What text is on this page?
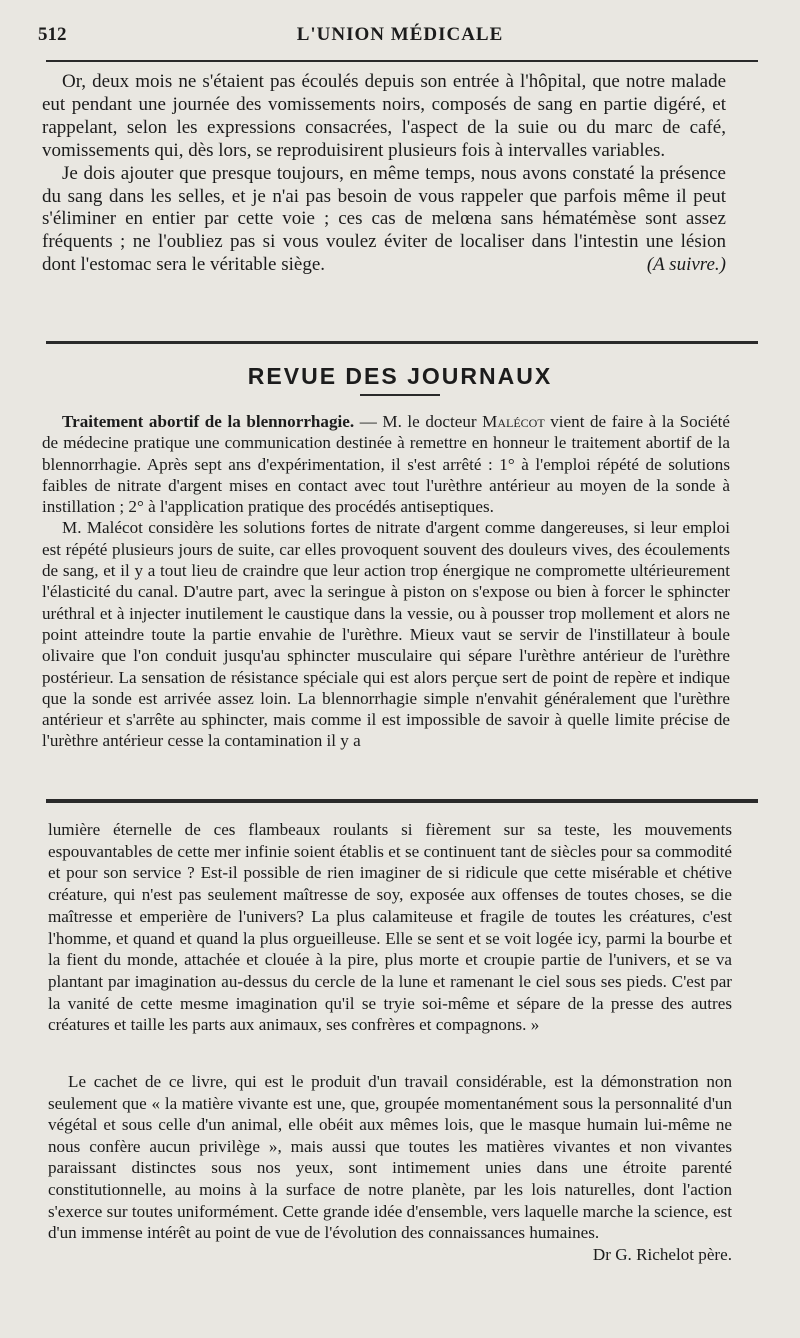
512	L'UNION MÉDICALE

Or, deux mois ne s'étaient pas écoulés depuis son entrée à l'hôpital, que notre malade eut pendant une journée des vomissements noirs, composés de sang en partie digéré, et rappelant, selon les expressions consacrées, l'aspect de la suie ou du marc de café, vomissements qui, dès lors, se reproduisirent plusieurs fois à intervalles variables.

Je dois ajouter que presque toujours, en même temps, nous avons constaté la présence du sang dans les selles, et je n'ai pas besoin de vous rappeler que parfois même il peut s'éliminer en entier par cette voie ; ces cas de melœna sans hématémèse sont assez fréquents ; ne l'oubliez pas si vous voulez éviter de localiser dans l'intestin une lésion dont l'estomac sera le véritable siège.	(A suivre.)

REVUE DES JOURNAUX

Traitement abortif de la blennorrhagie. — M. le docteur Malécot vient de faire à la Société de médecine pratique une communication destinée à remettre en honneur le traitement abortif de la blennorrhagie. Après sept ans d'expérimentation, il s'est arrêté : 1° à l'emploi répété de solutions faibles de nitrate d'argent mises en contact avec tout l'urèthre antérieur au moyen de la sonde à instillation ; 2° à l'application pratique des procédés antiseptiques.

M. Malécot considère les solutions fortes de nitrate d'argent comme dangereuses, si leur emploi est répété plusieurs jours de suite, car elles provoquent souvent des douleurs vives, des écoulements de sang, et il y a tout lieu de craindre que leur action trop énergique ne compromette ultérieurement l'élasticité du canal. D'autre part, avec la seringue à piston on s'expose ou bien à forcer le sphincter uréthral et à injecter inutilement le caustique dans la vessie, ou à pousser trop mollement et alors ne point atteindre toute la partie envahie de l'urèthre. Mieux vaut se servir de l'instillateur à boule olivaire que l'on conduit jusqu'au sphincter musculaire qui sépare l'urèthre antérieur de l'urèthre postérieur. La sensation de résistance spéciale qui est alors perçue sert de point de repère et indique que la sonde est arrivée assez loin. La blennorrhagie simple n'envahit généralement que l'urèthre antérieur et s'arrête au sphincter, mais comme il est impossible de savoir à quelle limite précise de l'urèthre antérieur cesse la contamination il y a

lumière éternelle de ces flambeaux roulants si fièrement sur sa teste, les mouvements espouvantables de cette mer infinie soient établis et se continuent tant de siècles pour sa commodité et pour son service ? Est-il possible de rien imaginer de si ridicule que cette misérable et chétive créature, qui n'est pas seulement maîtresse de soy, exposée aux offenses de toutes choses, se die maîtresse et emperière de l'univers? La plus calamiteuse et fragile de toutes les créatures, c'est l'homme, et quand et quand la plus orgueilleuse. Elle se sent et se voit logée icy, parmi la bourbe et la fient du monde, attachée et clouée à la pire, plus morte et croupie partie de l'univers, et se va plantant par imagination au-dessus du cercle de la lune et ramenant le ciel sous ses pieds. C'est par la vanité de cette mesme imagination qu'il se tryie soi-même et sépare de la presse des autres créatures et taille les parts aux animaux, ses confrères et compagnons. »

Le cachet de ce livre, qui est le produit d'un travail considérable, est la démonstration non seulement que « la matière vivante est une, que, groupée momentanément sous la personnalité d'un végétal et sous celle d'un animal, elle obéit aux mêmes lois, que le masque humain lui-même ne nous confère aucun privilège », mais aussi que toutes les matières vivantes et non vivantes paraissant distinctes sous nos yeux, sont intimement unies dans une étroite parenté constitutionnelle, au moins à la surface de notre planète, par les lois naturelles, dont l'action s'exerce sur toutes uniformément. Cette grande idée d'ensemble, vers laquelle marche la science, est d'un immense intérêt au point de vue de l'évolution des connaissances humaines.
Dr G. Richelot père.
